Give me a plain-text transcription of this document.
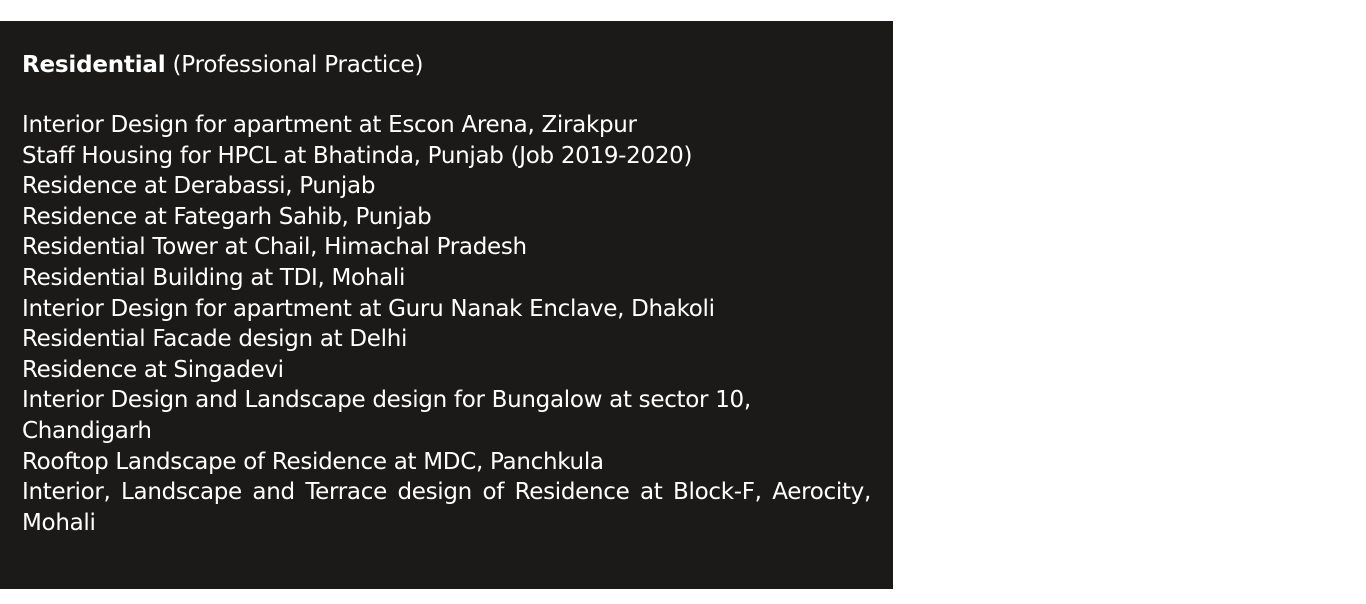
Residential (Professional Practice)
Interior Design for apartment at Escon Arena, Zirakpur
Staff Housing for HPCL at Bhatinda, Punjab (Job 2019-2020)
Residence at Derabassi, Punjab
Residence at Fategarh Sahib, Punjab
Residential Tower at Chail, Himachal Pradesh
Residential Building at TDI, Mohali
Interior Design for apartment at Guru Nanak Enclave, Dhakoli
Residential Facade design at Delhi
Residence at Singadevi
Interior Design and Landscape design for Bungalow at sector 10, Chandigarh
Rooftop Landscape of Residence at MDC, Panchkula
Interior, Landscape and Terrace design of Residence at Block-F, Aerocity, Mohali
